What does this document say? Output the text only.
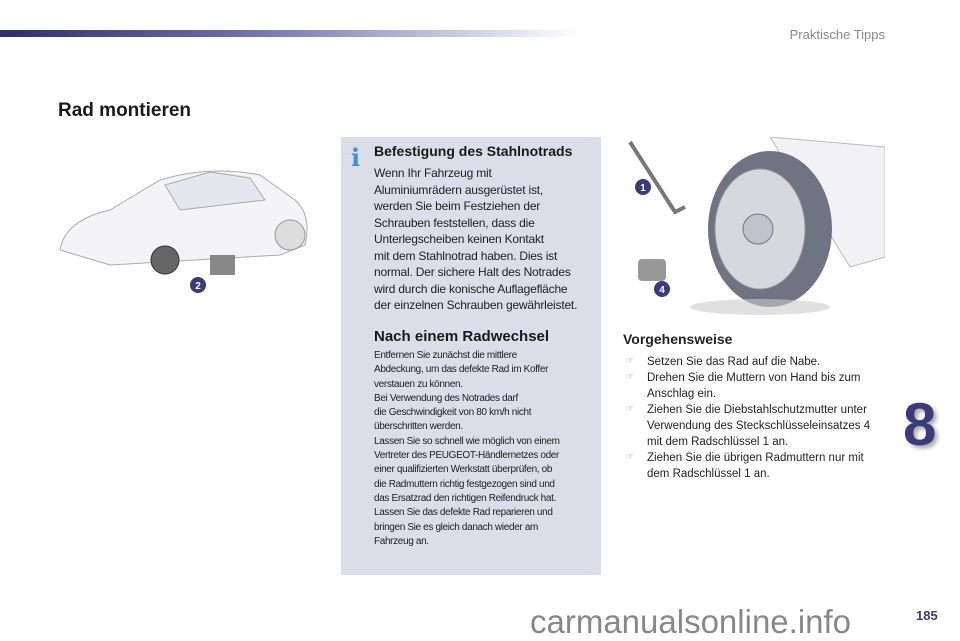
Praktische Tipps
Rad montieren
2
i Befestigung des Stahlnotrads
Wenn Ihr Fahrzeug mit
Aluminiumrädern ausgerüstet ist,
werden Sie beim Festziehen der
Schrauben feststellen, dass die
Unterlegscheiben keinen Kontakt
mit dem Stahlnotrad haben. Dies ist
normal. Der sichere Halt des Notrades
wird durch die konische Auflagefläche
der einzelnen Schrauben gewährleistet.
Nach einem Radwechsel
Entfernen Sie zunächst die mittlere
Abdeckung, um das defekte Rad im Koffer
verstauen zu können.
Bei Verwendung des Notrades darf
die Geschwindigkeit von 80 km/h nicht
überschritten werden.
Lassen Sie so schnell wie möglich von einem
Vertreter des PEUGEOT-Händlernetzes oder
einer qualifizierten Werkstatt überprüfen, ob
die Radmuttern richtig festgezogen sind und
das Ersatzrad den richtigen Reifendruck hat.
Lassen Sie das defekte Rad reparieren und
bringen Sie es gleich danach wieder am
Fahrzeug an.
1
4
Vorgehensweise
☞ Setzen Sie das Rad auf die Nabe.
☞ Drehen Sie die Muttern von Hand bis zum Anschlag ein.
☞ Ziehen Sie die Diebstahlschutzmutter unter Verwendung des Steckschlüsseleinsatzes 4 mit dem Radschlüssel 1 an.
☞ Ziehen Sie die übrigen Radmuttern nur mit dem Radschlüssel 1 an.
8
carmanualsonline.info	185
